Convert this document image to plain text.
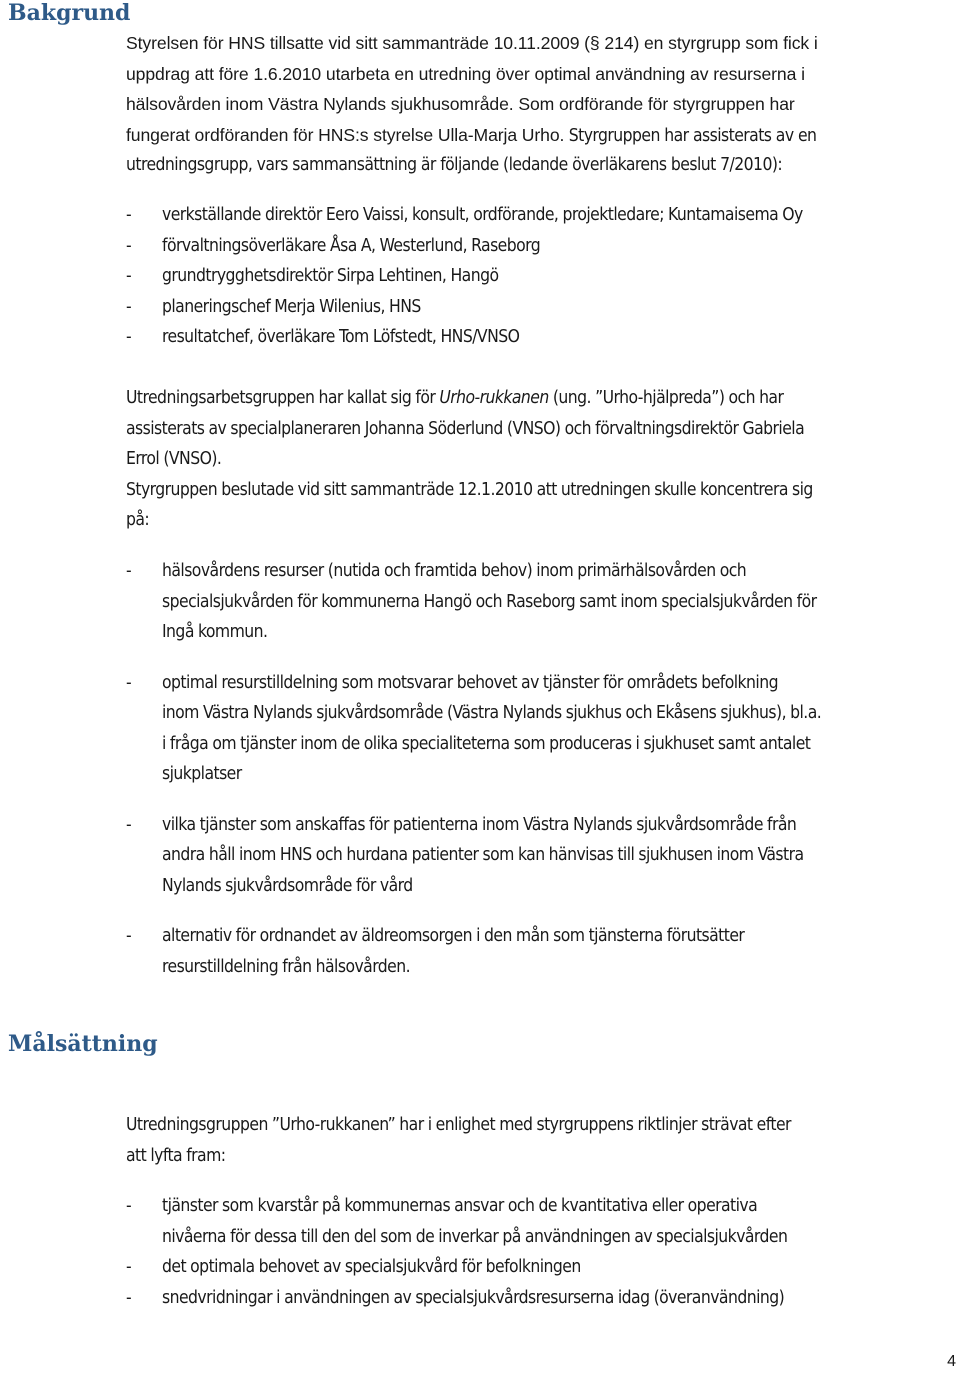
Bakgrund

Styrelsen för HNS tillsatte vid sitt sammanträde 10.11.2009 (§ 214) en styrgrupp som fick i
uppdrag att före 1.6.2010 utarbeta en utredning över optimal användning av resurserna i
hälsovården inom Västra Nylands sjukhusområde. Som ordförande för styrgruppen har
fungerat ordföranden för HNS:s styrelse Ulla-Marja Urho. Styrgruppen har assisterats av en
utredningsgrupp, vars sammansättning är följande (ledande överläkarens beslut 7/2010):

- verkställande direktör Eero Vaissi, konsult, ordförande, projektledare; Kuntamaisema Oy
- förvaltningsöverläkare Åsa A, Westerlund, Raseborg
- grundtrygghetsdirektör Sirpa Lehtinen, Hangö
- planeringschef Merja Wilenius, HNS
- resultatchef, överläkare Tom Löfstedt, HNS/VNSO

Utredningsarbetsgruppen har kallat sig för Urho-rukkanen (ung. ”Urho-hjälpreda”) och har
assisterats av specialplaneraren Johanna Söderlund (VNSO) och förvaltningsdirektör Gabriela
Errol (VNSO).
Styrgruppen beslutade vid sitt sammanträde 12.1.2010 att utredningen skulle koncentrera sig
på:

- hälsovårdens resurser (nutida och framtida behov) inom primärhälsovården och
specialsjukvården för kommunerna Hangö och Raseborg samt inom specialsjukvården för
Ingå kommun.
- optimal resurstilldelning som motsvarar behovet av tjänster för områdets befolkning
inom Västra Nylands sjukvårdsområde (Västra Nylands sjukhus och Ekåsens sjukhus), bl.a.
i fråga om tjänster inom de olika specialiteterna som produceras i sjukhuset samt antalet
sjukplatser
- vilka tjänster som anskaffas för patienterna inom Västra Nylands sjukvårdsområde från
andra håll inom HNS och hurdana patienter som kan hänvisas till sjukhusen inom Västra
Nylands sjukvårdsområde för vård
- alternativ för ordnandet av äldreomsorgen i den mån som tjänsterna förutsätter
resurstilldelning från hälsovården.
Målsättning

Utredningsgruppen ”Urho-rukkanen” har i enlighet med styrgruppens riktlinjer strävat efter
att lyfta fram:

- tjänster som kvarstår på kommunernas ansvar och de kvantitativa eller operativa
nivåerna för dessa till den del som de inverkar på användningen av specialsjukvården
- det optimala behovet av specialsjukvård för befolkningen
- snedvridningar i användningen av specialsjukvårdsresurserna idag (överanvändning)
4
